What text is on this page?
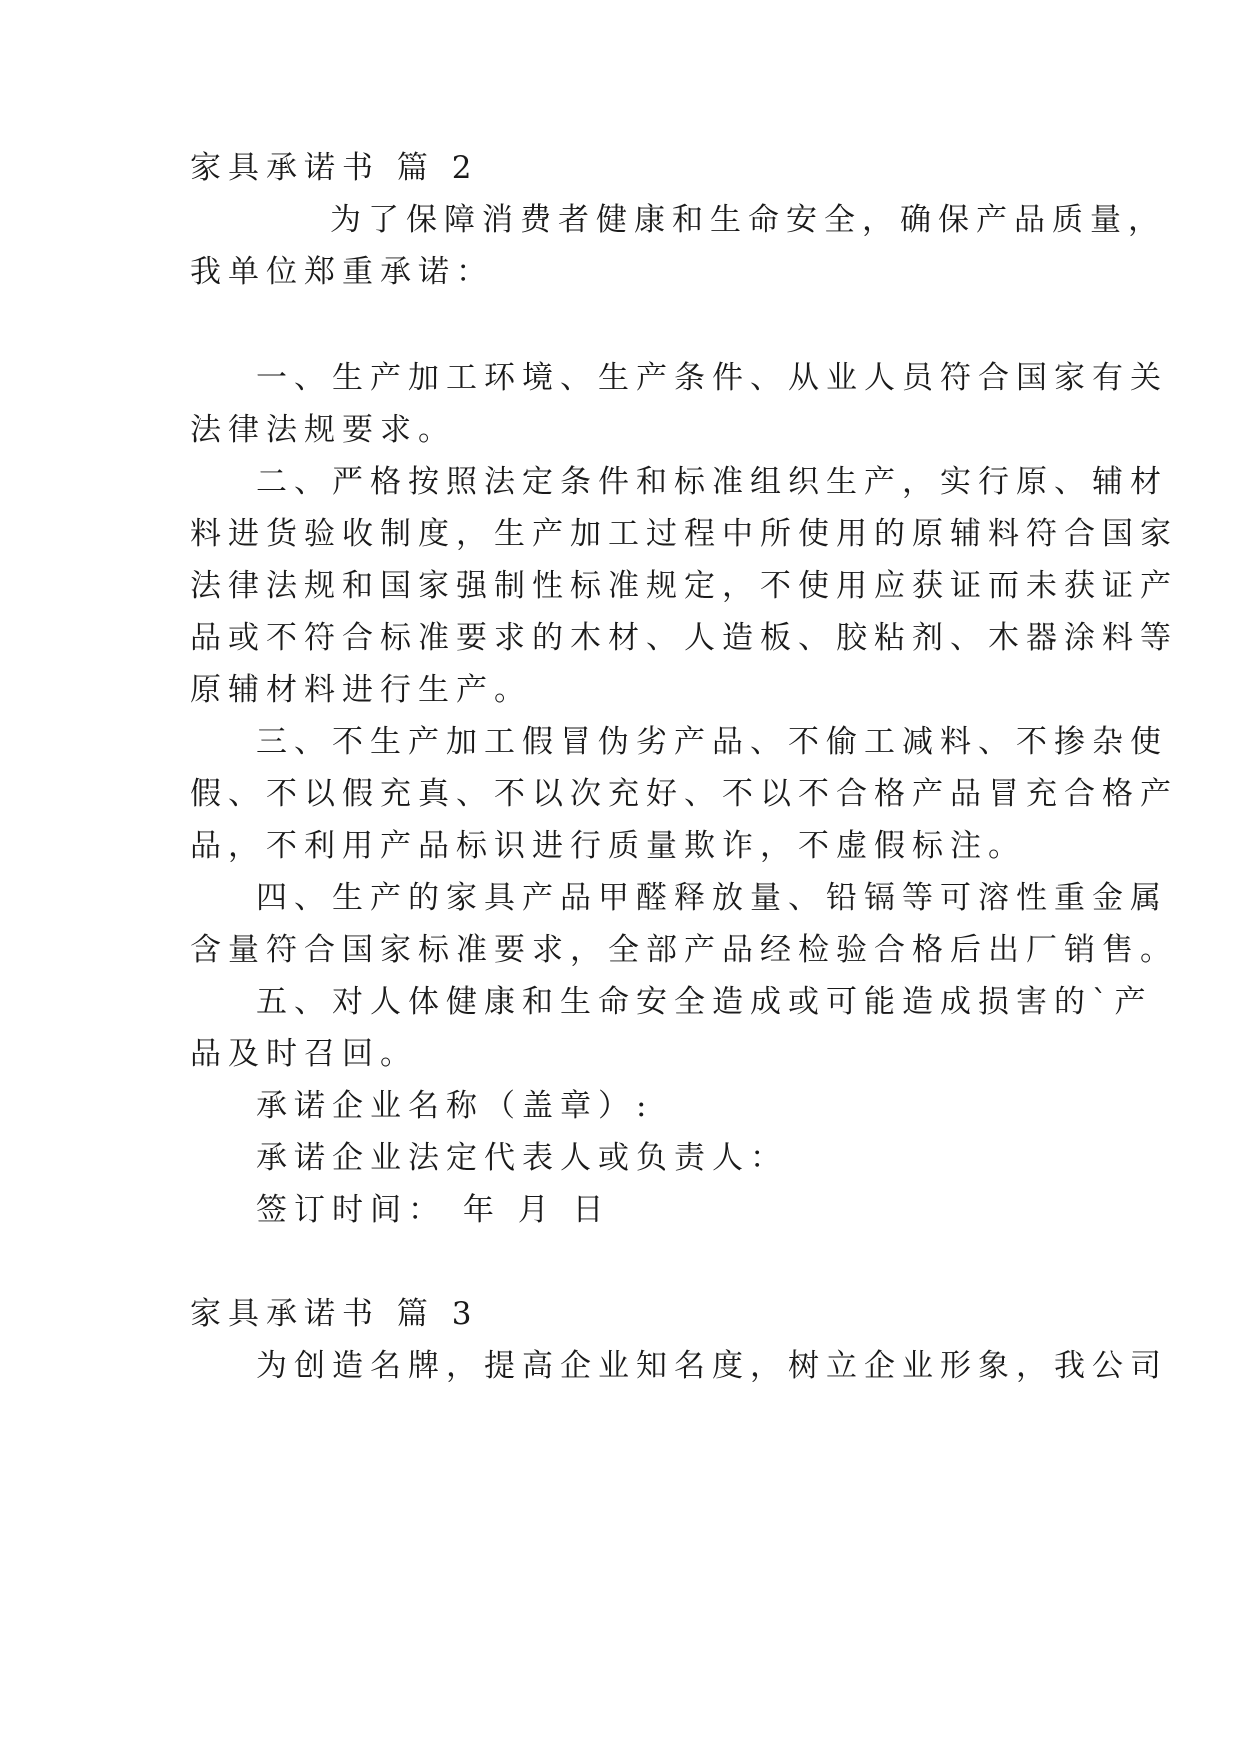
家具承诺书 篇 2
为了保障消费者健康和生命安全，确保产品质量，
我单位郑重承诺：
一、生产加工环境、生产条件、从业人员符合国家有关
法律法规要求。
二、严格按照法定条件和标准组织生产，实行原、辅材
料进货验收制度，生产加工过程中所使用的原辅料符合国家
法律法规和国家强制性标准规定，不使用应获证而未获证产
品或不符合标准要求的木材、人造板、胶粘剂、木器涂料等
原辅材料进行生产。
三、不生产加工假冒伪劣产品、不偷工减料、不掺杂使
假、不以假充真、不以次充好、不以不合格产品冒充合格产
品，不利用产品标识进行质量欺诈，不虚假标注。
四、生产的家具产品甲醛释放量、铅镉等可溶性重金属
含量符合国家标准要求，全部产品经检验合格后出厂销售。
五、对人体健康和生命安全造成或可能造成损害的`产
品及时召回。
承诺企业名称（盖章）:
承诺企业法定代表人或负责人：
签订时间： 年 月 日
家具承诺书 篇 3
为创造名牌，提高企业知名度，树立企业形象，我公司
